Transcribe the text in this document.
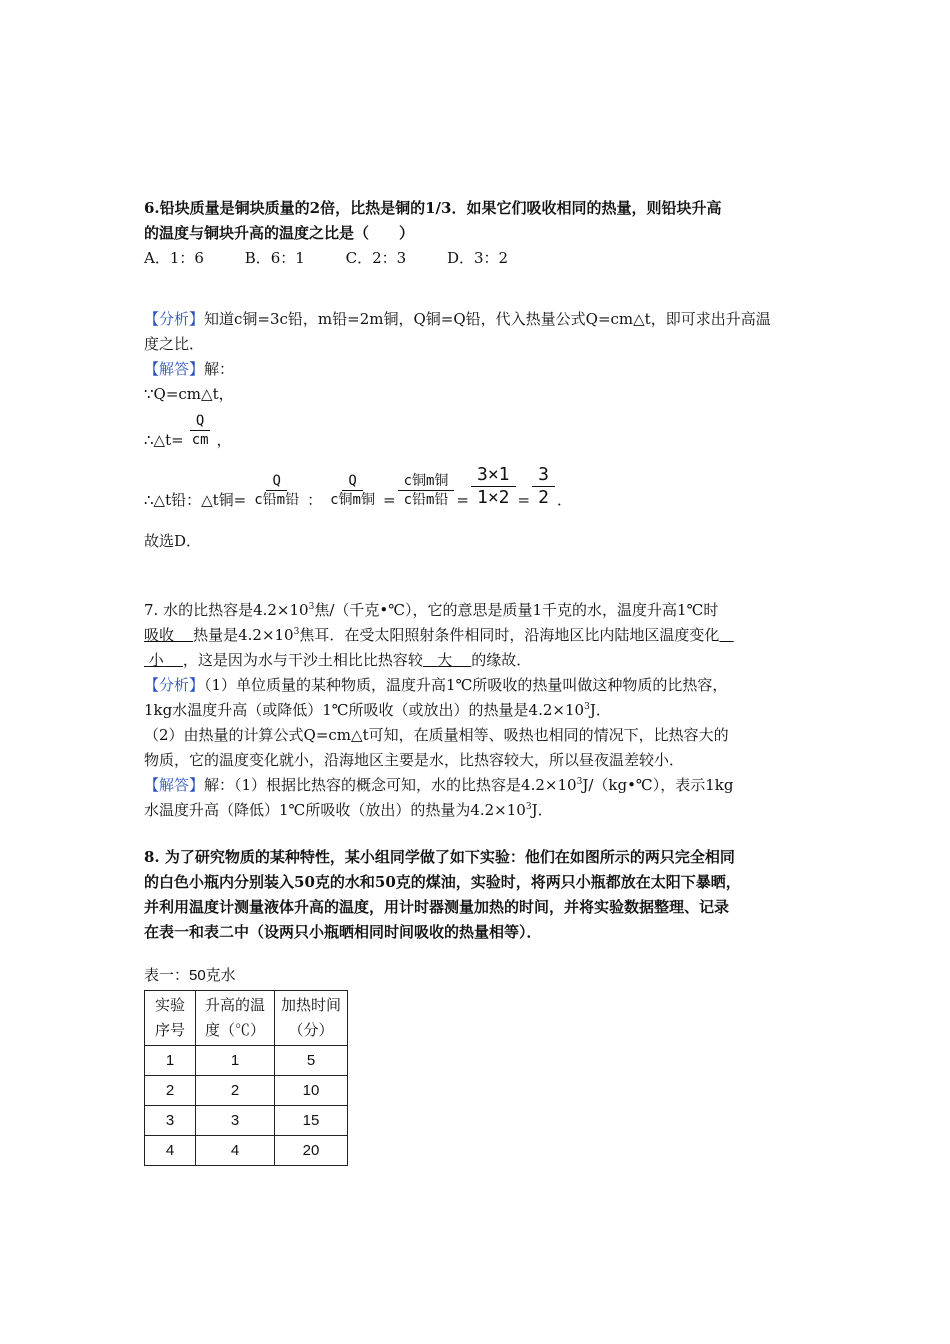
6.铅块质量是铜块质量的2倍，比热是铜的1/3．如果它们吸收相同的热量，则铅块升高

的温度与铜块升高的温度之比是（　　）

A．1：6	B．6：1	C．2：3	D．3：2

【分析】知道c铜=3c铅，m铅=2m铜，Q铜=Q铅，代入热量公式Q=cm△t，即可求出升高温

度之比．

【解答】解：

∵Q=cm△t，

∴△t= $\frac{Q}{cm}$ ，
∴△t铅：△t铜= $\frac{Q}{\text{c铅m铅}}$ ： $\frac{Q}{\text{c铜m铜}} = \frac{\text{c铜m铜}}{\text{c铅m铅}} = \frac{3\times 1}{1\times 2} = \frac{3}{2}$ ．

故选D．

7. 水的比热容是$4.2\times 10^3$焦/（千克•℃），它的意思是质量1千克的水，温度升高1℃时

吸收 热量是$4.2\times 10^3$焦耳．在受太阳照射条件相同时，沿海地区比内陆地区温度变化

小 ，这是因为水与干沙土相比比热容较 大 的缘故．

【分析】（1）单位质量的某种物质，温度升高1℃所吸收的热量叫做这种物质的比热容，

1kg水温度升高（或降低）1℃所吸收（或放出）的热量是$4.2\times 10^3J$．

（2）由热量的计算公式Q=cm△t可知，在质量相等、吸热也相同的情况下，比热容大的

物质，它的温度变化就小，沿海地区主要是水，比热容较大，所以昼夜温差较小．

【解答】解：（1）根据比热容的概念可知，水的比热容是$4.2\times 10^3J/(kg•℃)$，表示1kg

水温度升高（降低）1℃所吸收（放出）的热量为$4.2\times 10^3J$．

8. 为了研究物质的某种特性，某小组同学做了如下实验：他们在如图所示的两只完全相同

的白色小瓶内分别装入50克的水和50克的煤油，实验时，将两只小瓶都放在太阳下暴晒，

并利用温度计测量液体升高的温度，用计时器测量加热的时间，并将实验数据整理、记录

在表一和表二中（设两只小瓶晒相同时间吸收的热量相等）．

表一：50克水
实验序号	升高的温度（℃）	加热时间（分）
1	1	5
2	2	10
3	3	15
4	4	20
